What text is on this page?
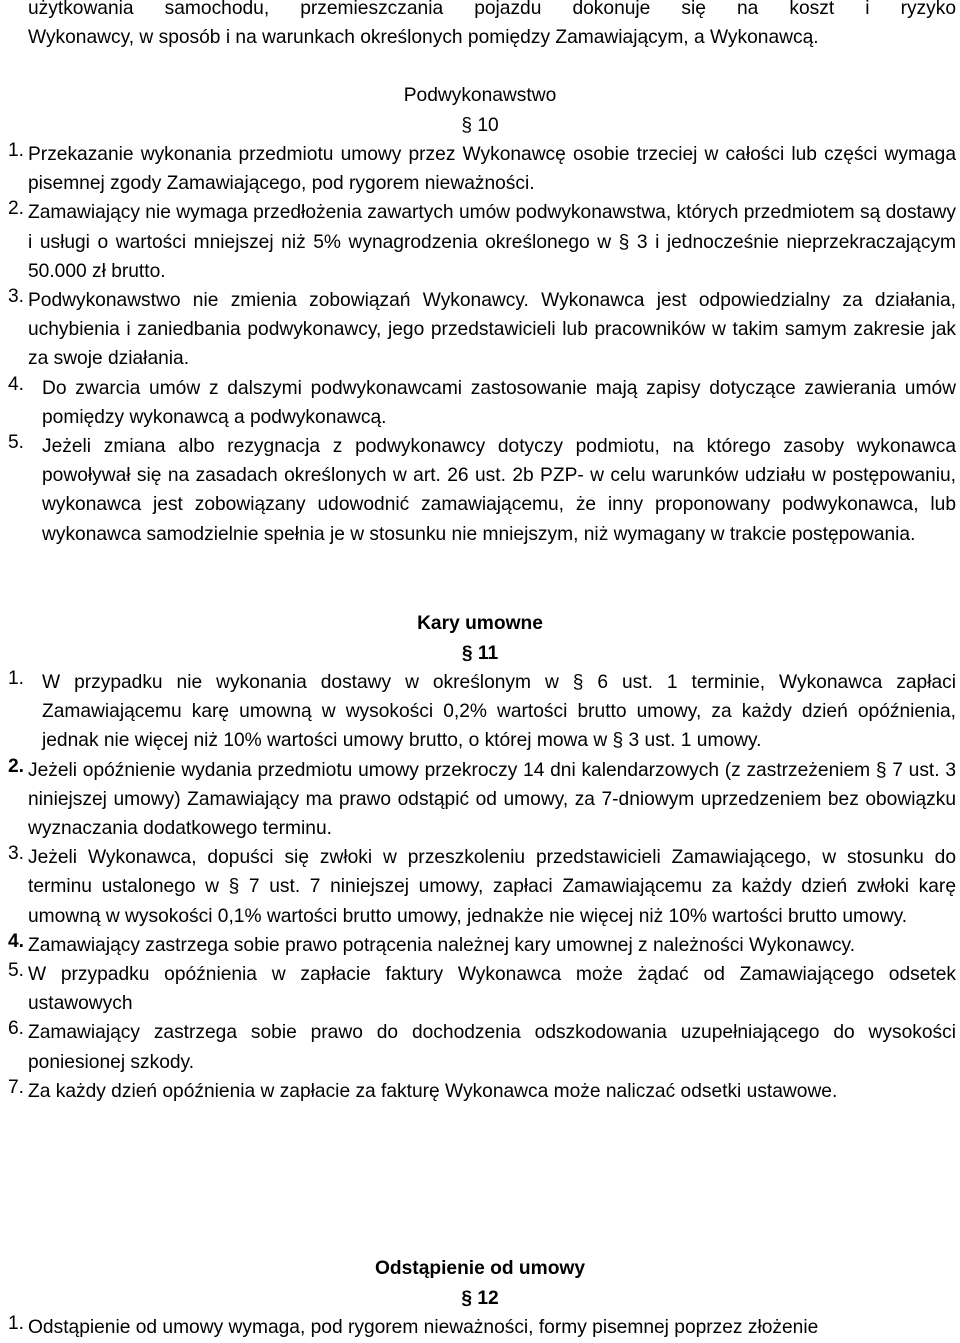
użytkowania samochodu, przemieszczania pojazdu dokonuje się na koszt i ryzyko

Wykonawcy, w sposób i na warunkach określonych pomiędzy Zamawiającym, a Wykonawcą.

Podwykonawstwo
§ 10
1. Przekazanie wykonania przedmiotu umowy przez Wykonawcę osobie trzeciej w całości lub części wymaga pisemnej zgody Zamawiającego, pod rygorem nieważności.
2. Zamawiający nie wymaga przedłożenia zawartych umów podwykonawstwa, których przedmiotem są dostawy i usługi o wartości mniejszej niż 5% wynagrodzenia określonego w § 3 i jednocześnie nieprzekraczającym 50.000 zł brutto.
3. Podwykonawstwo nie zmienia zobowiązań Wykonawcy. Wykonawca jest odpowiedzialny za działania, uchybienia i zaniedbania podwykonawcy, jego przedstawicieli lub pracowników w takim samym zakresie jak za swoje działania.
4. Do zwarcia umów z dalszymi podwykonawcami zastosowanie mają zapisy dotyczące zawierania umów pomiędzy wykonawcą a podwykonawcą.
5. Jeżeli zmiana albo rezygnacja z podwykonawcy dotyczy podmiotu, na którego zasoby wykonawca powoływał się na zasadach określonych w art. 26 ust. 2b PZP- w celu warunków udziału w postępowaniu, wykonawca jest zobowiązany udowodnić zamawiającemu, że inny proponowany podwykonawca, lub wykonawca samodzielnie spełnia je w stosunku nie mniejszym, niż wymagany w trakcie postępowania.
Kary umowne
§ 11
1. W przypadku nie wykonania dostawy w określonym w § 6 ust. 1 terminie, Wykonawca zapłaci Zamawiającemu karę umowną w wysokości 0,2% wartości brutto umowy, za każdy dzień opóźnienia, jednak nie więcej niż 10% wartości umowy brutto, o której mowa w § 3 ust. 1 umowy.
2. Jeżeli opóźnienie wydania przedmiotu umowy przekroczy 14 dni kalendarzowych (z zastrzeżeniem § 7 ust. 3 niniejszej umowy) Zamawiający ma prawo odstąpić od umowy, za 7-dniowym uprzedzeniem bez obowiązku wyznaczania dodatkowego terminu.
3. Jeżeli Wykonawca, dopuści się zwłoki w przeszkoleniu przedstawicieli Zamawiającego, w stosunku do terminu ustalonego w § 7 ust. 7 niniejszej umowy, zapłaci Zamawiającemu za każdy dzień zwłoki karę umowną w wysokości 0,1% wartości brutto umowy, jednakże nie więcej niż 10% wartości brutto umowy.
4. Zamawiający zastrzega sobie prawo potrącenia należnej kary umownej z należności Wykonawcy.
5. W przypadku opóźnienia w zapłacie faktury Wykonawca może żądać od Zamawiającego odsetek ustawowych
6. Zamawiający zastrzega sobie prawo do dochodzenia odszkodowania uzupełniającego do wysokości poniesionej szkody.
7. Za każdy dzień opóźnienia w zapłacie za fakturę Wykonawca może naliczać odsetki ustawowe.
Odstąpienie od umowy
§ 12
1. Odstąpienie od umowy wymaga, pod rygorem nieważności, formy pisemnej poprzez złożenie
